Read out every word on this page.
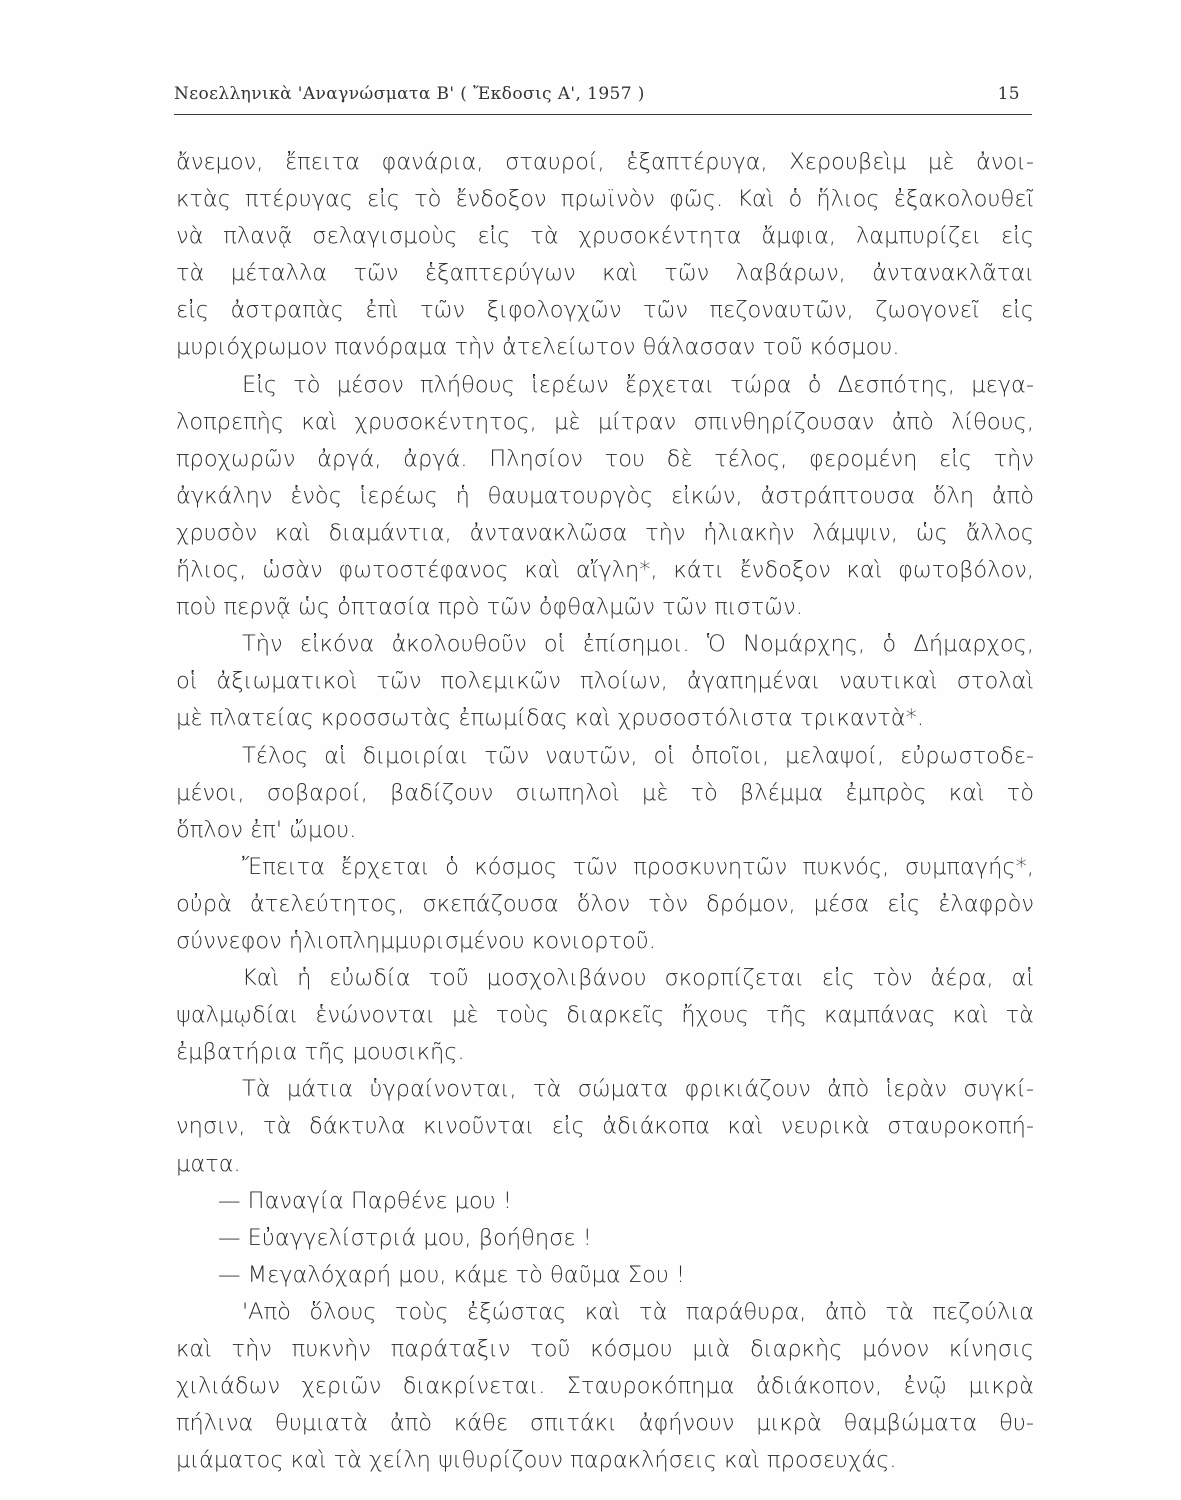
Νεοελληνικὰ 'Αναγνώσματα Β' ( Ἔκδοσις Α', 1957 )	15

ἄνεμον, ἔπειτα φανάρια, σταυροί, ἑξαπτέρυγα, Χερουβεὶμ μὲ ἀνοι-
κτὰς πτέρυγας εἰς τὸ ἔνδοξον πρωϊνὸν φῶς. Καὶ ὁ ἥλιος ἐξακολουθεῖ
νὰ πλανᾷ σελαγισμοὺς εἰς τὰ χρυσοκέντητα ἄμφια, λαμπυρίζει εἰς
τὰ μέταλλα τῶν ἑξαπτερύγων καὶ τῶν λαβάρων, ἀντανακλᾶται
εἰς ἀστραπὰς ἐπὶ τῶν ξιφολογχῶν τῶν πεζοναυτῶν, ζωογονεῖ εἰς
μυριόχρωμον πανόραμα τὴν ἀτελείωτον θάλασσαν τοῦ κόσμου.

Εἰς τὸ μέσον πλήθους ἱερέων ἔρχεται τώρα ὁ Δεσπότης, μεγα-
λοπρεπὴς καὶ χρυσοκέντητος, μὲ μίτραν σπινθηρίζουσαν ἀπὸ λίθους,
προχωρῶν ἀργά, ἀργά. Πλησίον του δὲ τέλος, φερομένη εἰς τὴν
ἀγκάλην ἑνὸς ἱερέως ἡ θαυματουργὸς εἰκών, ἀστράπτουσα ὅλη ἀπὸ
χρυσὸν καὶ διαμάντια, ἀντανακλῶσα τὴν ἡλιακὴν λάμψιν, ὡς ἄλλος
ἥλιος, ὡσὰν φωτοστέφανος καὶ αἴγλη*, κάτι ἔνδοξον καὶ φωτοβόλον,
ποὺ περνᾷ ὡς ὀπτασία πρὸ τῶν ὀφθαλμῶν τῶν πιστῶν.

Τὴν εἰκόνα ἀκολουθοῦν οἱ ἐπίσημοι. Ὁ Νομάρχης, ὁ Δήμαρχος,
οἱ ἀξιωματικοὶ τῶν πολεμικῶν πλοίων, ἀγαπημέναι ναυτικαὶ στολαὶ
μὲ πλατείας κροσσωτὰς ἐπωμίδας καὶ χρυσοστόλιστα τρικαντὰ*.

Τέλος αἱ διμοιρίαι τῶν ναυτῶν, οἱ ὁποῖοι, μελαψοί, εὐρωστοδε-
μένοι, σοβαροί, βαδίζουν σιωπηλοὶ μὲ τὸ βλέμμα ἐμπρὸς καὶ τὸ
ὅπλον ἐπ' ὤμου.

Ἔπειτα ἔρχεται ὁ κόσμος τῶν προσκυνητῶν πυκνός, συμπαγής*,
οὐρὰ ἀτελεύτητος, σκεπάζουσα ὅλον τὸν δρόμον, μέσα εἰς ἐλαφρὸν
σύννεφον ἡλιοπλημμυρισμένου κονιορτοῦ.

Καὶ ἡ εὐωδία τοῦ μοσχολιβάνου σκορπίζεται εἰς τὸν ἀέρα, αἱ
ψαλμῳδίαι ἑνώνονται μὲ τοὺς διαρκεῖς ἤχους τῆς καμπάνας καὶ τὰ
ἐμβατήρια τῆς μουσικῆς.

Τὰ μάτια ὑγραίνονται, τὰ σώματα φρικιάζουν ἀπὸ ἱερὰν συγκί-
νησιν, τὰ δάκτυλα κινοῦνται εἰς ἀδιάκοπα καὶ νευρικὰ σταυροκοπή-
ματα.

— Παναγία Παρθένε μου !
— Εὐαγγελίστριά μου, βοήθησε !
— Μεγαλόχαρή μου, κάμε τὸ θαῦμα Σου !

'Απὸ ὅλους τοὺς ἐξώστας καὶ τὰ παράθυρα, ἀπὸ τὰ πεζούλια
καὶ τὴν πυκνὴν παράταξιν τοῦ κόσμου μιὰ διαρκὴς μόνον κίνησις
χιλιάδων χεριῶν διακρίνεται. Σταυροκόπημα ἀδιάκοπον, ἐνῷ μικρὰ
πήλινα θυμιατὰ ἀπὸ κάθε σπιτάκι ἀφήνουν μικρὰ θαμβώματα θυ-
μιάματος καὶ τὰ χείλη ψιθυρίζουν παρακλήσεις καὶ προσευχάς.
